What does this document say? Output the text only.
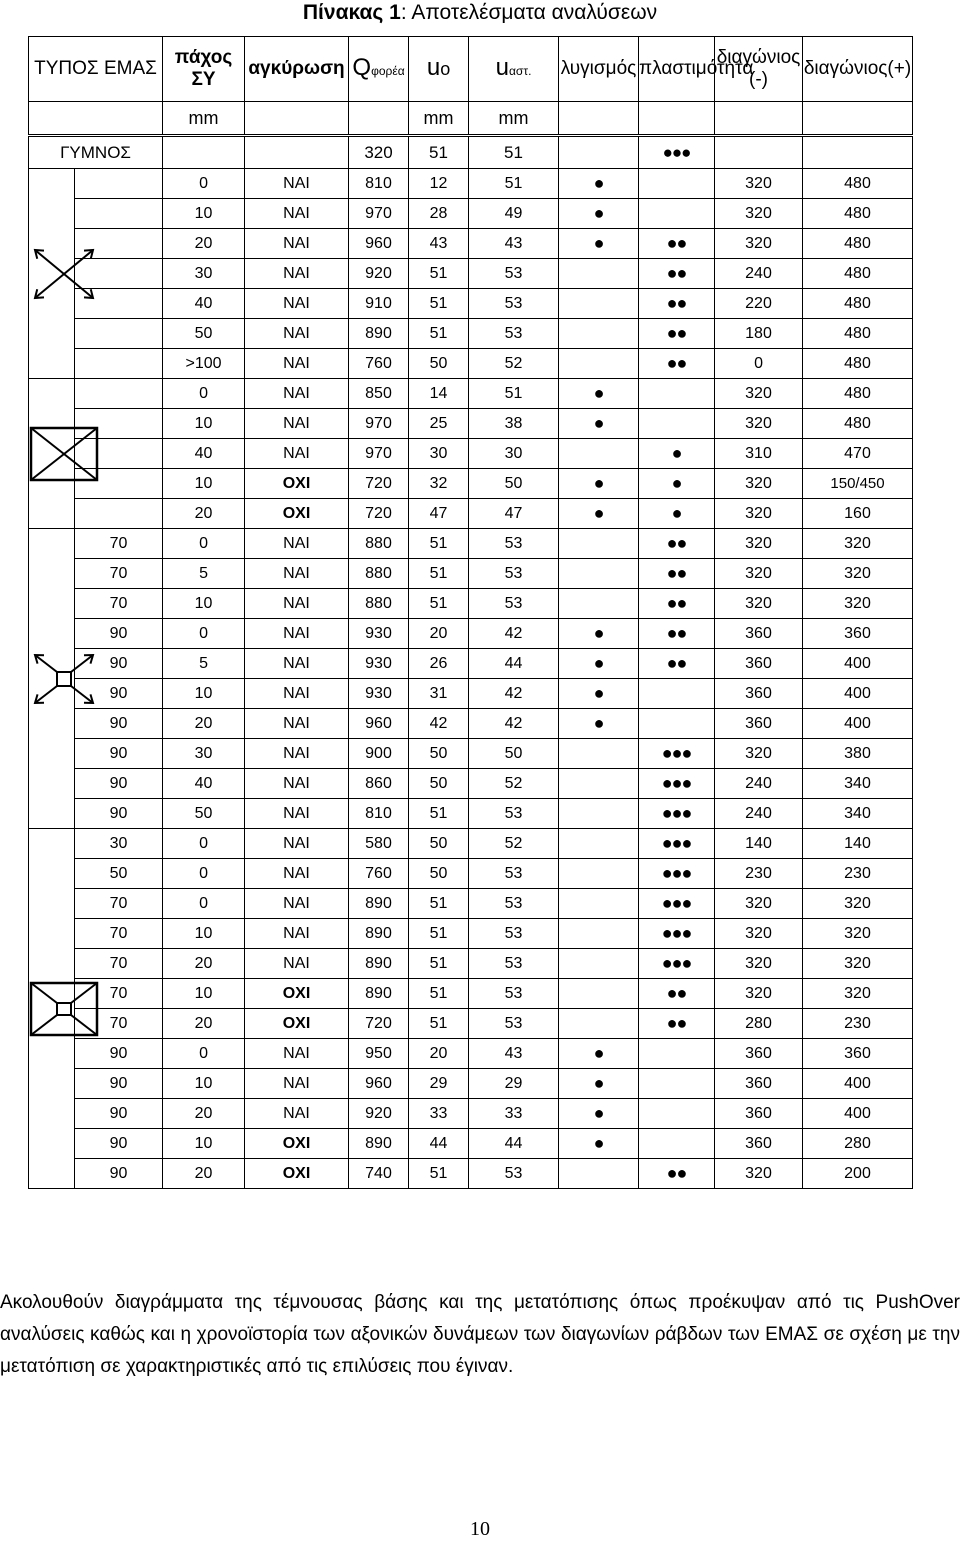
Πίνακας 1: Αποτελέσματα αναλύσεων
ΤΥΠΟΣ ΕΜΑΣ		πάχος ΣΥ	αγκύρωση	Qφορέα	uo	uαστ.	λυγισμός	πλαστιμότητα	διαγώνιος (-)	διαγώνιος(+)
		mm			mm	mm				
ΓΥΜΝΟΣ				320	51	51		●●●		

		0	ΝΑΙ	810	12	51	●		320	480
		10	ΝΑΙ	970	28	49	●		320	480
		20	ΝΑΙ	960	43	43	●	●●	320	480
		30	ΝΑΙ	920	51	53		●●	240	480
		40	ΝΑΙ	910	51	53		●●	220	480
		50	ΝΑΙ	890	51	53		●●	180	480
		>100	ΝΑΙ	760	50	52		●●	0	480

		0	ΝΑΙ	850	14	51	●		320	480
		10	ΝΑΙ	970	25	38	●		320	480
		40	ΝΑΙ	970	30	30		●	310	470
		10	ΟΧΙ	720	32	50	●	●	320	150/450
		20	ΟΧΙ	720	47	47	●	●	320	160

	70	0	ΝΑΙ	880	51	53		●●	320	320
	70	5	ΝΑΙ	880	51	53		●●	320	320
	70	10	ΝΑΙ	880	51	53		●●	320	320
	90	0	ΝΑΙ	930	20	42	●	●●	360	360
	90	5	ΝΑΙ	930	26	44	●	●●	360	400
	90	10	ΝΑΙ	930	31	42	●		360	400
	90	20	ΝΑΙ	960	42	42	●		360	400
	90	30	ΝΑΙ	900	50	50		●●●	320	380
	90	40	ΝΑΙ	860	50	52		●●●	240	340
	90	50	ΝΑΙ	810	51	53		●●●	240	340

	30	0	ΝΑΙ	580	50	52		●●●	140	140
	50	0	ΝΑΙ	760	50	53		●●●	230	230
	70	0	ΝΑΙ	890	51	53		●●●	320	320
	70	10	ΝΑΙ	890	51	53		●●●	320	320
	70	20	ΝΑΙ	890	51	53		●●●	320	320
	70	10	ΟΧΙ	890	51	53		●●	320	320
	70	20	ΟΧΙ	720	51	53		●●	280	230
	90	0	ΝΑΙ	950	20	43	●		360	360
	90	10	ΝΑΙ	960	29	29	●		360	400
	90	20	ΝΑΙ	920	33	33	●		360	400
	90	10	ΟΧΙ	890	44	44	●		360	280
	90	20	ΟΧΙ	740	51	53		●●	320	200
Ακολουθούν διαγράμματα της τέμνουσας βάσης και της μετατόπισης όπως προέκυψαν από τις PushOver αναλύσεις καθώς και η χρονοϊστορία των αξονικών δυνάμεων των διαγωνίων ράβδων των ΕΜΑΣ σε σχέση με την μετατόπιση σε χαρακτηριστικές από τις επιλύσεις που έγιναν.
10
